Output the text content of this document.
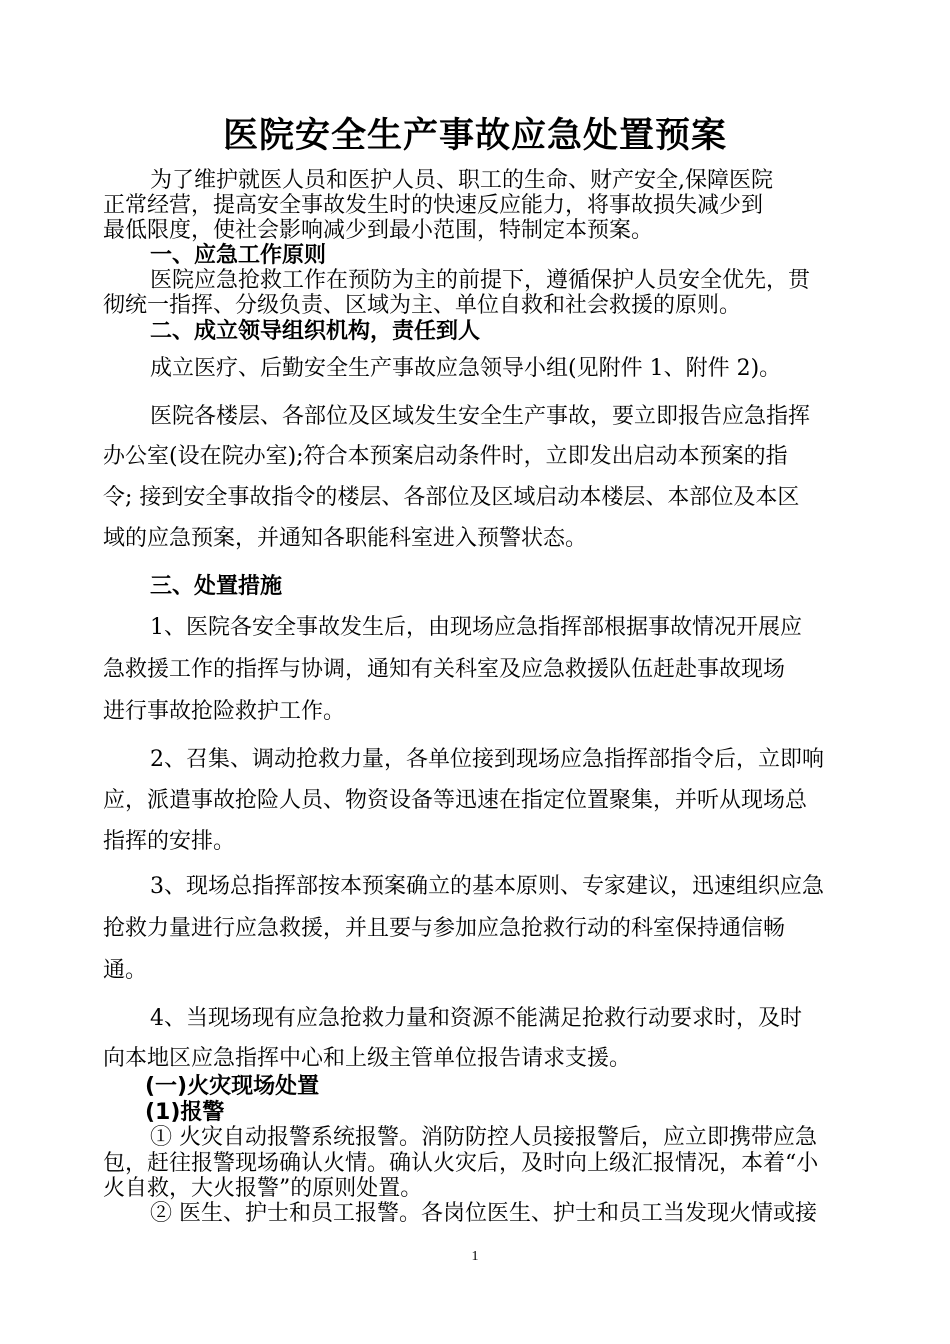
医院安全生产事故应急处置预案
为了维护就医人员和医护人员、职工的生命、财产安全,保障医院
正常经营，提高安全事故发生时的快速反应能力，将事故损失减少到
最低限度，使社会影响减少到最小范围，特制定本预案。
一、应急工作原则
医院应急抢救工作在预防为主的前提下，遵循保护人员安全优先，贯
彻统一指挥、分级负责、区域为主、单位自救和社会救援的原则。
二、成立领导组织机构，责任到人
成立医疗、后勤安全生产事故应急领导小组(见附件 1、附件 2)。
医院各楼层、各部位及区域发生安全生产事故，要立即报告应急指挥
办公室(设在院办室);符合本预案启动条件时，立即发出启动本预案的指
令; 接到安全事故指令的楼层、各部位及区域启动本楼层、本部位及本区
域的应急预案，并通知各职能科室进入预警状态。
三、处置措施
1、医院各安全事故发生后，由现场应急指挥部根据事故情况开展应
急救援工作的指挥与协调，通知有关科室及应急救援队伍赶赴事故现场
进行事故抢险救护工作。
2、召集、调动抢救力量，各单位接到现场应急指挥部指令后，立即响
应，派遣事故抢险人员、物资设备等迅速在指定位置聚集，并听从现场总
指挥的安排。
3、现场总指挥部按本预案确立的基本原则、专家建议，迅速组织应急
抢救力量进行应急救援，并且要与参加应急抢救行动的科室保持通信畅
通。
4、当现场现有应急抢救力量和资源不能满足抢救行动要求时，及时
向本地区应急指挥中心和上级主管单位报告请求支援。
(一)火灾现场处置
(1)报警
① 火灾自动报警系统报警。消防防控人员接报警后，应立即携带应急
包，赶往报警现场确认火情。确认火灾后，及时向上级汇报情况，本着“小
火自救，大火报警”的原则处置。
② 医生、护士和员工报警。各岗位医生、护士和员工当发现火情或接
1
